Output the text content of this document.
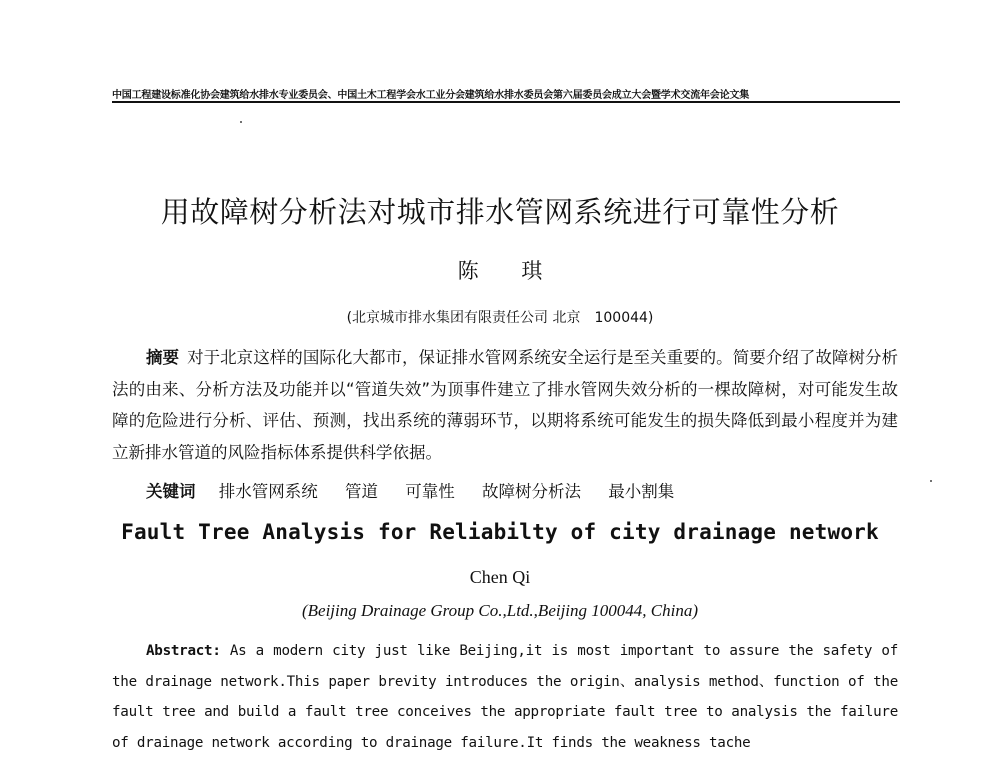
中国工程建设标准化协会建筑给水排水专业委员会、中国土木工程学会水工业分会建筑给水排水委员会第六届委员会成立大会暨学术交流年会论文集
用故障树分析法对城市排水管网系统进行可靠性分析
陈 琪
(北京城市排水集团有限责任公司 北京　100044)
摘要 对于北京这样的国际化大都市，保证排水管网系统安全运行是至关重要的。简要介绍了故障树分析法的由来、分析方法及功能并以“管道失效”为顶事件建立了排水管网失效分析的一棵故障树，对可能发生故障的危险进行分析、评估、预测，找出系统的薄弱环节，以期将系统可能发生的损失降低到最小程度并为建立新排水管道的风险指标体系提供科学依据。
关键词 排水管网系统 管道 可靠性 故障树分析法 最小割集
Fault Tree Analysis for Reliabilty of city drainage network
Chen Qi
(Beijing Drainage Group Co.,Ltd.,Beijing 100044, China)
Abstract: As a modern city just like Beijing,it is most important to assure the safety of the drainage network.This paper brevity introduces the origin、analysis method、function of the fault tree and build a fault tree conceives the appropriate fault tree to analysis the failure of drainage network according to drainage failure.It finds the weakness tache
